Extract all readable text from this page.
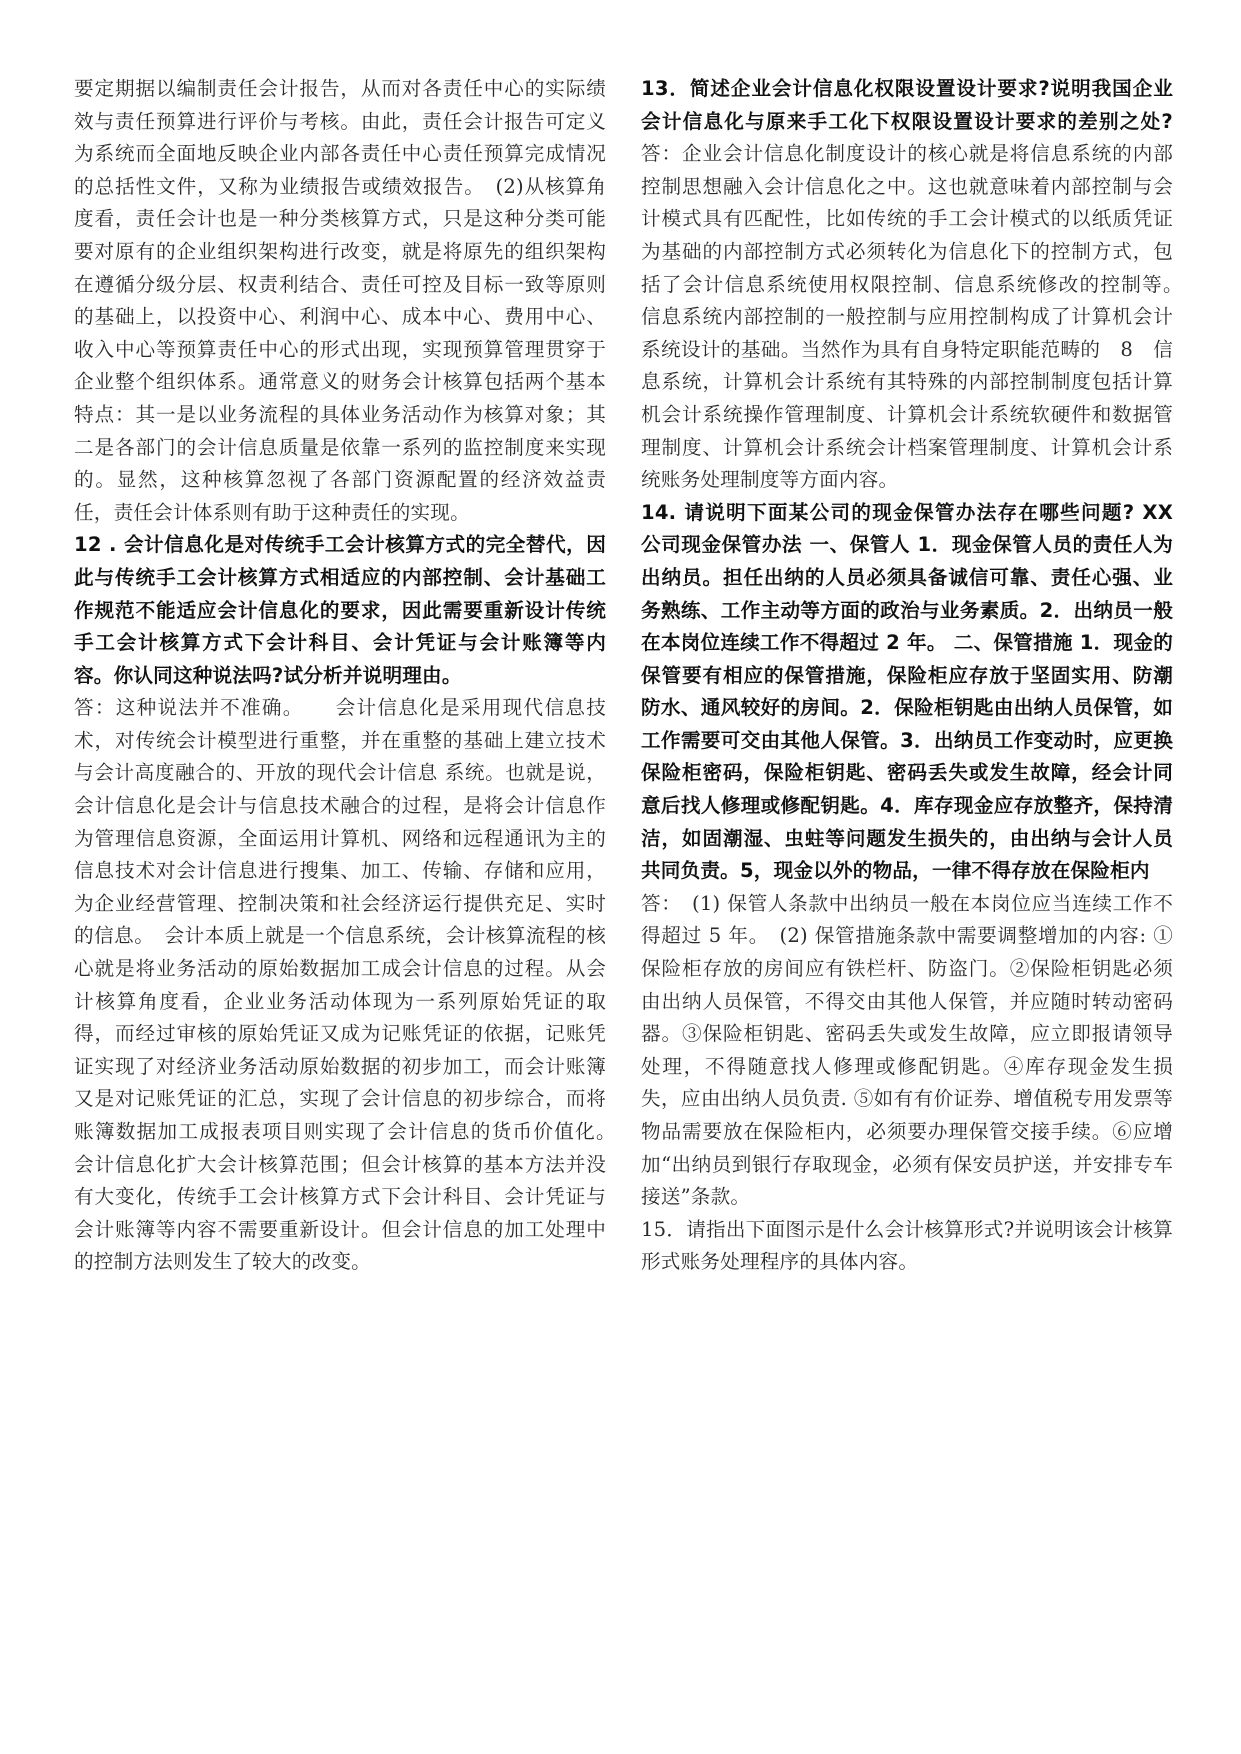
要定期据以编制责任会计报告，从而对各责任中心的实际绩效与责任预算进行评价与考核。由此，责任会计报告可定义为系统而全面地反映企业内部各责任中心责任预算完成情况的总括性文件，又称为业绩报告或绩效报告。　(2)从核算角度看，责任会计也是一种分类核算方式，只是这种分类可能要对原有的企业组织架构进行改变，就是将原先的组织架构在遵循分级分层、权责利结合、责任可控及目标一致等原则的基础上，以投资中心、利润中心、成本中心、费用中心、收入中心等预算责任中心的形式出现，实现预算管理贯穿于企业整个组织体系。通常意义的财务会计核算包括两个基本特点：其一是以业务流程的具体业务活动作为核算对象；其二是各部门的会计信息质量是依靠一系列的监控制度来实现的。显然，这种核算忽视了各部门资源配置的经济效益责任，责任会计体系则有助于这种责任的实现。

12 . 会计信息化是对传统手工会计核算方式的完全替代，因此与传统手工会计核算方式相适应的内部控制、会计基础工作规范不能适应会计信息化的要求，因此需要重新设计传统手工会计核算方式下会计科目、会计凭证与会计账簿等内容。你认同这种说法吗?试分析并说明理由。

答：这种说法并不准确。　　会计信息化是采用现代信息技术，对传统会计模型进行重整，并在重整的基础上建立技术与会计高度融合的、开放的现代会计信息 系统。也就是说，会计信息化是会计与信息技术融合的过程，是将会计信息作为管理信息资源，全面运用计算机、网络和远程通讯为主的信息技术对会计信息进行搜集、加工、传输、存储和应用，为企业经营管理、控制决策和社会经济运行提供充足、实时的信息。　会计本质上就是一个信息系统，会计核算流程的核心就是将业务活动的原始数据加工成会计信息的过程。从会计核算角度看，企业业务活动体现为一系列原始凭证的取得，而经过审核的原始凭证又成为记账凭证的依据，记账凭证实现了对经济业务活动原始数据的初步加工，而会计账簿又是对记账凭证的汇总，实现了会计信息的初步综合，而将账簿数据加工成报表项目则实现了会计信息的货币价值化。　会计信息化扩大会计核算范围；但会计核算的基本方法并没有大变化，传统手工会计核算方式下会计科目、会计凭证与会计账簿等内容不需要重新设计。但会计信息的加工处理中的控制方法则发生了较大的改变。

13．简述企业会计信息化权限设置设计要求?说明我国企业会计信息化与原来手工化下权限设置设计要求的差别之处?答：企业会计信息化制度设计的核心就是将信息系统的内部控制思想融入会计信息化之中。这也就意味着内部控制与会计模式具有匹配性，比如传统的手工会计模式的以纸质凭证为基础的内部控制方式必须转化为信息化下的控制方式，包括了会计信息系统使用权限控制、信息系统修改的控制等。　信息系统内部控制的一般控制与应用控制构成了计算机会计系统设计的基础。当然作为具有自身特定职能范畴的　8　信息系统，计算机会计系统有其特殊的内部控制制度包括计算机会计系统操作管理制度、计算机会计系统软硬件和数据管理制度、计算机会计系统会计档案管理制度、计算机会计系统账务处理制度等方面内容。

14. 请说明下面某公司的现金保管办法存在哪些问题? XX 公司现金保管办法 一、保管人 1．现金保管人员的责任人为出纳员。担任出纳的人员必须具备诚信可靠、责任心强、业务熟练、工作主动等方面的政治与业务素质。2．出纳员一般在本岗位连续工作不得超过 2 年。 二、保管措施 1．现金的保管要有相应的保管措施，保险柜应存放于坚固实用、防潮防水、通风较好的房间。2．保险柜钥匙由出纳人员保管，如工作需要可交由其他人保管。3．出纳员工作变动时，应更换保险柜密码，保险柜钥匙、密码丢失或发生故障，经会计同意后找人修理或修配钥匙。4．库存现金应存放整齐，保持清洁，如固潮湿、虫蛀等问题发生损失的，由出纳与会计人员共同负责。5，现金以外的物品，一律不得存放在保险柜内

答：　(1) 保管人条款中出纳员一般在本岗位应当连续工作不得超过 5 年。　(2) 保管措施条款中需要调整增加的内容: ①保险柜存放的房间应有铁栏杆、防盗门。②保险柜钥匙必须由出纳人员保管，不得交由其他人保管，并应随时转动密码器。③保险柜钥匙、密码丢失或发生故障，应立即报请领导处理，不得随意找人修理或修配钥匙。④库存现金发生损失，应由出纳人员负责. ⑤如有有价证券、增值税专用发票等物品需要放在保险柜内，必须要办理保管交接手续。⑥应增加“出纳员到银行存取现金，必须有保安员护送，并安排专车接送”条款。

15．请指出下面图示是什么会计核算形式?并说明该会计核算形式账务处理程序的具体内容。
